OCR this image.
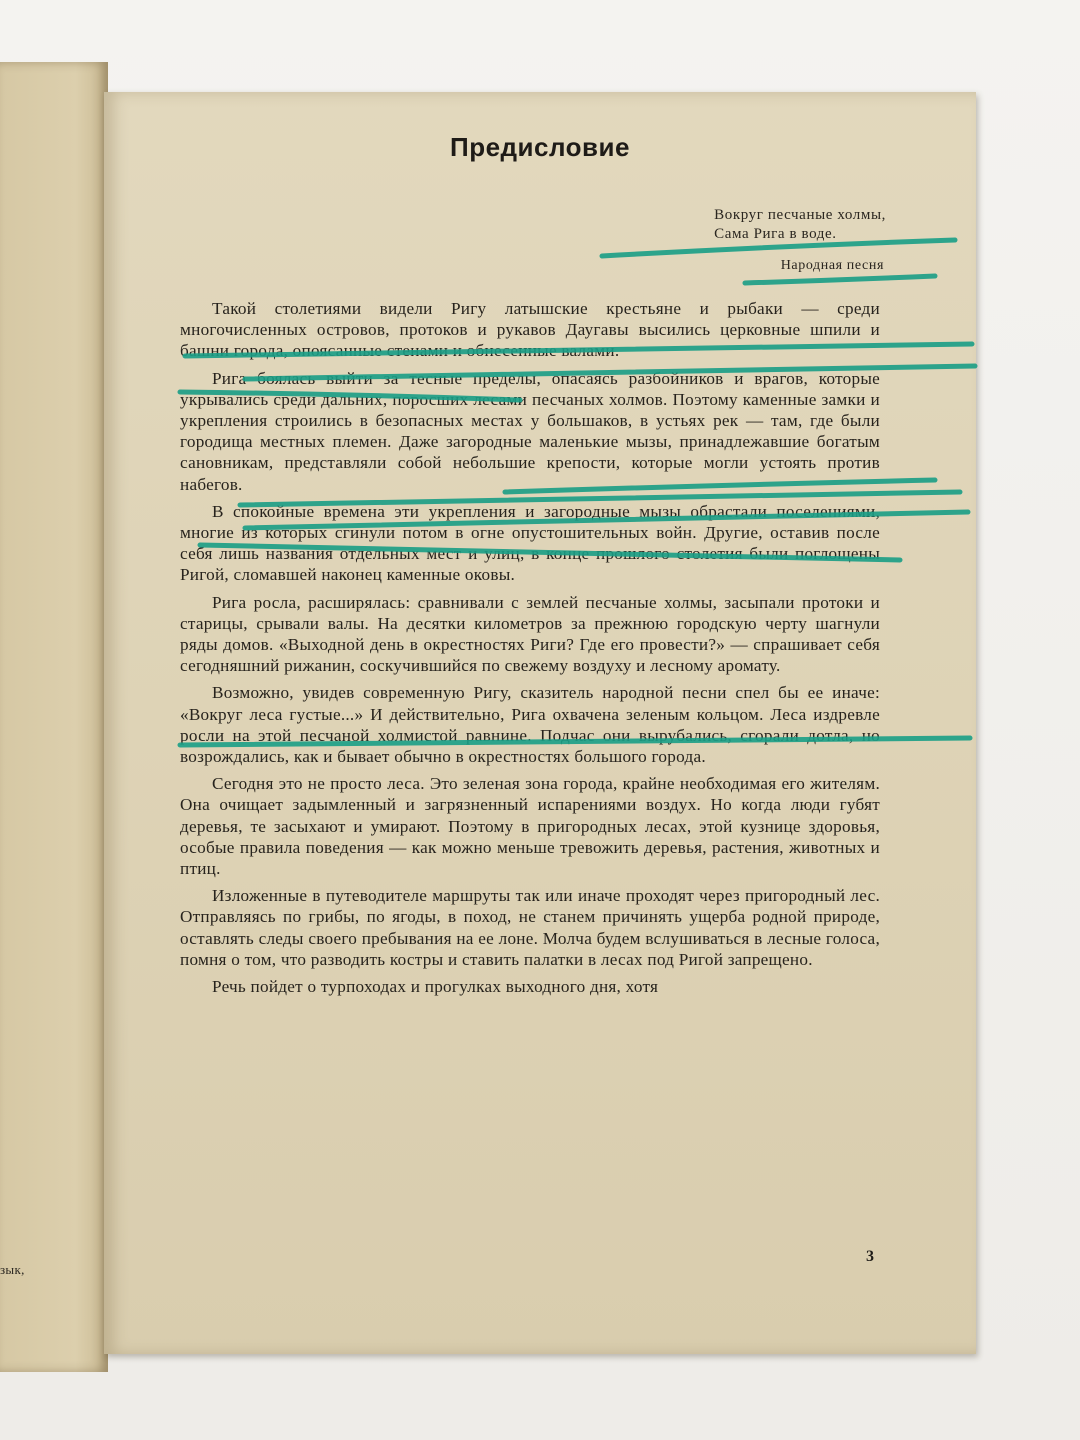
зык,
Предисловие
Вокруг песчаные холмы,
Сама Рига в воде.
Народная песня

Такой столетиями видели Ригу латышские крестьяне и рыбаки — среди многочисленных островов, протоков и рукавов Даугавы высились церковные шпили и башни города, опоясанные стенами и обнесенные валами.

Рига боялась выйти за тесные пределы, опасаясь разбойников и врагов, которые укрывались среди дальних, поросших лесами песчаных холмов. Поэтому каменные замки и укрепления строились в безопасных местах у большаков, в устьях рек — там, где были городища местных племен. Даже загородные маленькие мызы, принадлежавшие богатым сановникам, представляли собой небольшие крепости, которые могли устоять против набегов.

В спокойные времена эти укрепления и загородные мызы обрастали поселениями, многие из которых сгинули потом в огне опустошительных войн. Другие, оставив после себя лишь названия отдельных мест и улиц, в конце прошлого столетия были поглощены Ригой, сломавшей наконец каменные оковы.

Рига росла, расширялась: сравнивали с землей песчаные холмы, засыпали протоки и старицы, срывали валы. На десятки километров за прежнюю городскую черту шагнули ряды домов. «Выходной день в окрестностях Риги? Где его провести?» — спрашивает себя сегодняшний рижанин, соскучившийся по свежему воздуху и лесному аромату.

Возможно, увидев современную Ригу, сказитель народной песни спел бы ее иначе: «Вокруг леса густые...» И действительно, Рига охвачена зеленым кольцом. Леса издревле росли на этой песчаной холмистой равнине. Подчас они вырубались, сгорали дотла, но возрождались, как и бывает обычно в окрестностях большого города.

Сегодня это не просто леса. Это зеленая зона города, крайне необходимая его жителям. Она очищает задымленный и загрязненный испарениями воздух. Но когда люди губят деревья, те засыхают и умирают. Поэтому в пригородных лесах, этой кузнице здоровья, особые правила поведения — как можно меньше тревожить деревья, растения, животных и птиц.

Изложенные в путеводителе маршруты так или иначе проходят через пригородный лес. Отправляясь по грибы, по ягоды, в поход, не станем причинять ущерба родной природе, оставлять следы своего пребывания на ее лоне. Молча будем вслушиваться в лесные голоса, помня о том, что разводить костры и ставить палатки в лесах под Ригой запрещено.

Речь пойдет о турпоходах и прогулках выходного дня, хотя

3
